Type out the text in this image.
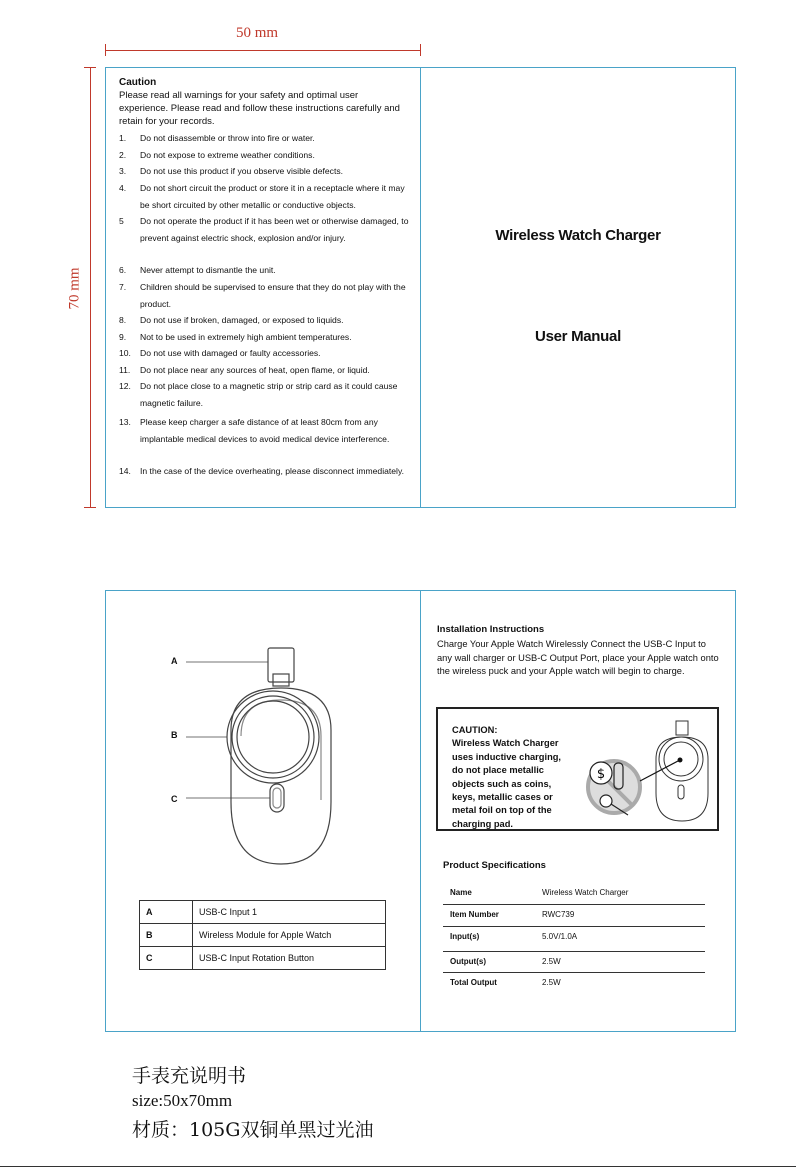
50 mm
70 mm
Caution
Please read all warnings for your safety and optimal user experience. Please read and follow these instructions carefully and retain for your records.
1. Do not disassemble or throw into fire or water.
2. Do not expose to extreme weather conditions.
3. Do not use this product if you observe visible defects.
4. Do not short circuit the product or store it in a receptacle where it may be short circuited by other metallic or conductive objects.
5 Do not operate the product if it has been wet or otherwise damaged, to prevent against electric shock, explosion and/or injury.
6. Never attempt to dismantle the unit.
7. Children should be supervised to ensure that they do not play with the product.
8. Do not use if broken, damaged, or exposed to liquids.
9. Not to be used in extremely high ambient temperatures.
10. Do not use with damaged or faulty accessories.
11. Do not place near any sources of heat, open flame, or liquid.
12. Do not place close to a magnetic strip or strip card as it could cause magnetic failure.
13. Please keep charger a safe distance of at least 80cm from any implantable medical devices to avoid medical device interference.
14. In the case of the device overheating, please disconnect immediately.
Wireless Watch Charger
User Manual
A
B
C
A	USB-C Input 1
B	Wireless Module for Apple Watch
C	USB-C Input Rotation Button
Installation Instructions
Charge Your Apple Watch Wirelessly Connect the USB-C Input to any wall charger or USB-C Output Port, place your Apple watch onto the wireless puck and your Apple watch will begin to charge.
CAUTION:
Wireless Watch Charger uses inductive charging, do not place metallic objects such as coins, keys, metallic cases or metal foil on top of the charging pad.
$
Product Specifications
Name	Wireless Watch Charger
Item Number	RWC739
Input(s)	5.0V/1.0A
Output(s)	2.5W
Total Output	2.5W
手表充说明书
size:50x70mm
材质：105G双铜单黑过光油
